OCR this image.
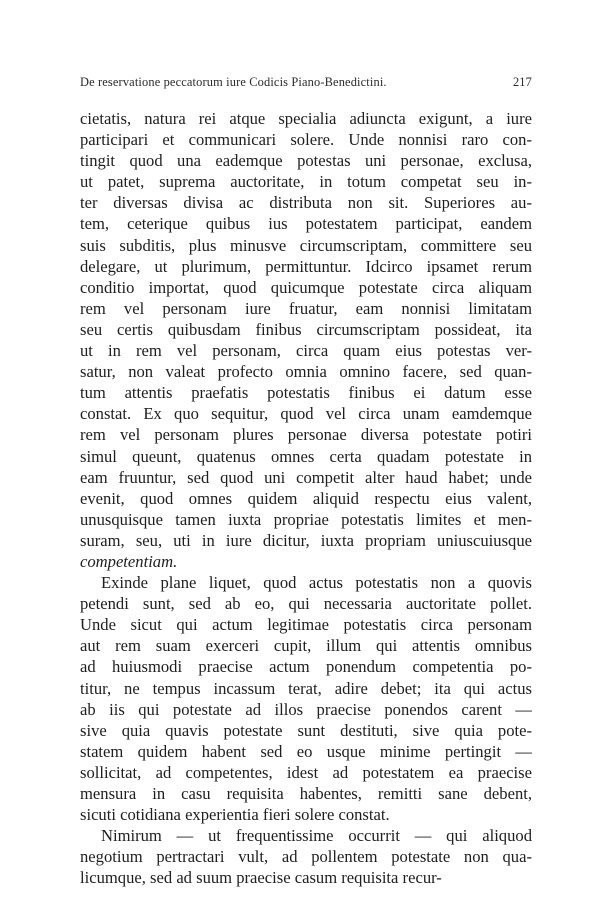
De reservatione peccatorum iure Codicis Piano-Benedictini.	217
cietatis, natura rei atque specialia adiuncta exigunt, a iure
participari et communicari solere. Unde nonnisi raro con-
tingit quod una eademque potestas uni personae, exclusa,
ut patet, suprema auctoritate, in totum competat seu in-
ter diversas divisa ac distributa non sit. Superiores au-
tem, ceterique quibus ius potestatem participat, eandem
suis subditis, plus minusve circumscriptam, committere seu
delegare, ut plurimum, permittuntur. Idcirco ipsamet rerum
conditio importat, quod quicumque potestate circa aliquam
rem vel personam iure fruatur, eam nonnisi limitatam
seu certis quibusdam finibus circumscriptam possideat, ita
ut in rem vel personam, circa quam eius potestas ver-
satur, non valeat profecto omnia omnino facere, sed quan-
tum attentis praefatis potestatis finibus ei datum esse
constat. Ex quo sequitur, quod vel circa unam eamdemque
rem vel personam plures personae diversa potestate potiri
simul queunt, quatenus omnes certa quadam potestate in
eam fruuntur, sed quod uni competit alter haud habet; unde
evenit, quod omnes quidem aliquid respectu eius valent,
unusquisque tamen iuxta propriae potestatis limites et men-
suram, seu, uti in iure dicitur, iuxta propriam uniuscuiusque
competentiam.
Exinde plane liquet, quod actus potestatis non a quovis
petendi sunt, sed ab eo, qui necessaria auctoritate pollet.
Unde sicut qui actum legitimae potestatis circa personam
aut rem suam exerceri cupit, illum qui attentis omnibus
ad huiusmodi praecise actum ponendum competentia po-
titur, ne tempus incassum terat, adire debet; ita qui actus
ab iis qui potestate ad illos praecise ponendos carent —
sive quia quavis potestate sunt destituti, sive quia pote-
statem quidem habent sed eo usque minime pertingit —
sollicitat, ad competentes, idest ad potestatem ea praecise
mensura in casu requisita habentes, remitti sane debent,
sicuti cotidiana experientia fieri solere constat.
Nimirum — ut frequentissime occurrit — qui aliquod
negotium pertractari vult, ad pollentem potestate non qua-
licumque, sed ad suum praecise casum requisita recur-
